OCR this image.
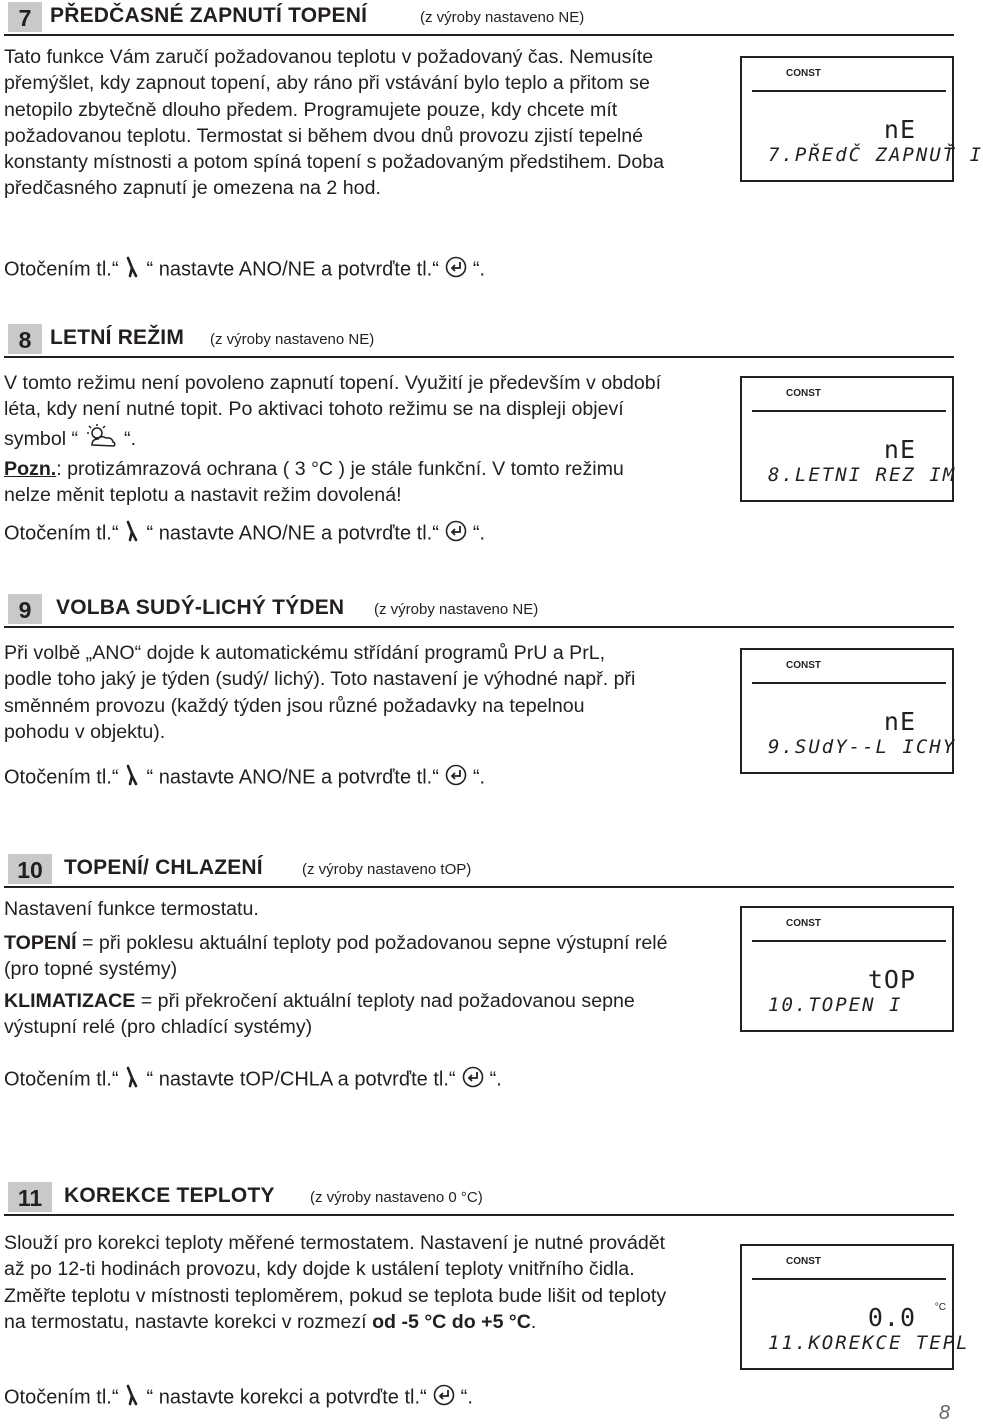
7 PŘEDČASNÉ ZAPNUTÍ TOPENÍ	(z výroby nastaveno NE)

Tato funkce Vám zaručí požadovanou teplotu v požadovaný čas. Nemusíte přemýšlet, kdy zapnout topení, aby ráno při vstávání bylo teplo a přitom se netopilo zbytečně dlouho předem. Programujete pouze, kdy chcete mít požadovanou teplotu. Termostat si během dvou dnů provozu zjistí tepelné konstanty místnosti a potom spíná topení s požadovaným předstihem. Doba předčasného zapnutí je omezena na 2 hod.

CONST
nE
7.PŘEdČ ZAPNUŤ I
Otočením tl.“ “ nastavte ANO/NE a potvrďte tl.“ “.
8 LETNÍ REŽIM (z výroby nastaveno NE)

V tomto režimu není povoleno zapnutí topení. Využití je především v období léta, kdy není nutné topit. Po aktivaci tohoto režimu se na displeji objeví symbol “ “.
Pozn.: protizámrazová ochrana ( 3 °C ) je stále funkční. V tomto režimu nelze měnit teplotu a nastavit režim dovolená!

CONST
nE
8.LETNI REZ IM
Otočením tl.“ “ nastavte ANO/NE a potvrďte tl.“ “.
9	VOLBA SUDÝ-LICHÝ TÝDEN (z výroby nastaveno NE)

Při volbě „ANO“ dojde k automatickému střídání programů PrU a PrL, podle toho jaký je týden (sudý/ lichý). Toto nastavení je výhodné např. při směnném provozu (každý týden jsou různé požadavky na tepelnou pohodu v objektu).

CONST
nE
9.SUdY--L ICHY
Otočením tl.“ “ nastavte ANO/NE a potvrďte tl.“ “.
10	TOPENÍ/ CHLAZENÍ	(z výroby nastaveno tOP)

Nastavení funkce termostatu.

TOPENÍ = při poklesu aktuální teploty pod požadovanou sepne výstupní relé (pro topné systémy)

KLIMATIZACE = při překročení aktuální teploty nad požadovanou sepne výstupní relé (pro chladící systémy)

CONST
tOP
10.TOPEN I
Otočením tl.“ “ nastavte tOP/CHLA a potvrďte tl.“ “.
11	KOREKCE TEPLOTY (z výroby nastaveno 0 °C)

Slouží pro korekci teploty měřené termostatem. Nastavení je nutné provádět až po 12-ti hodinách provozu, kdy dojde k ustálení teploty vnitřního čidla. Změřte teplotu v místnosti teploměrem, pokud se teplota bude lišit od teploty na termostatu, nastavte korekci v rozmezí od -5 °C do +5 °C.

CONST
0.0 °C
11.KOREKCE TEPL
Otočením tl.“ “ nastavte korekci a potvrďte tl.“ “.
8
